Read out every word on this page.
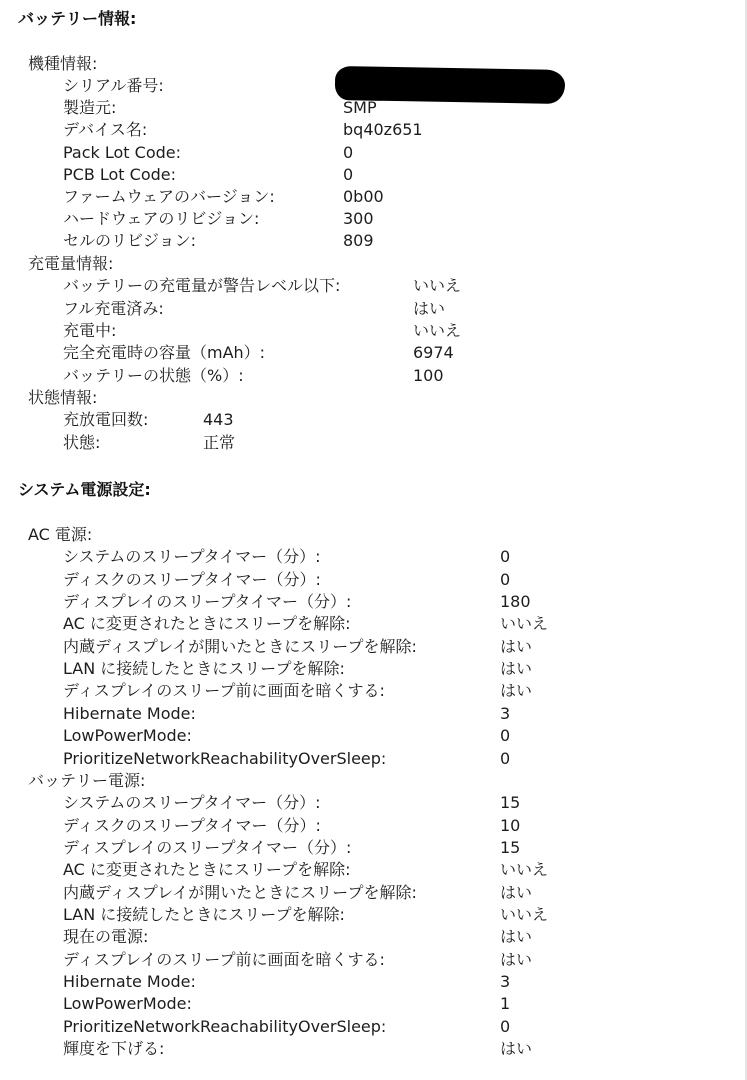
バッテリー情報:
機種情報:
シリアル番号:
製造元:	SMP
デバイス名:	bq40z651
Pack Lot Code:	0
PCB Lot Code:	0
ファームウェアのバージョン:	0b00
ハードウェアのリビジョン:	300
セルのリビジョン:	809
充電量情報:
バッテリーの充電量が警告レベル以下:	いいえ
フル充電済み:	はい
充電中:	いいえ
完全充電時の容量（mAh）:	6974
バッテリーの状態（%）:	100
状態情報:
充放電回数:	443
状態:	正常
システム電源設定:
AC 電源:
システムのスリープタイマー（分）:	0
ディスクのスリープタイマー（分）:	0
ディスプレイのスリープタイマー（分）:	180
AC に変更されたときにスリープを解除:	いいえ
内蔵ディスプレイが開いたときにスリープを解除:	はい
LAN に接続したときにスリープを解除:	はい
ディスプレイのスリープ前に画面を暗くする:	はい
Hibernate Mode:	3
LowPowerMode:	0
PrioritizeNetworkReachabilityOverSleep:	0
バッテリー電源:
システムのスリープタイマー（分）:	15
ディスクのスリープタイマー（分）:	10
ディスプレイのスリープタイマー（分）:	15
AC に変更されたときにスリープを解除:	いいえ
内蔵ディスプレイが開いたときにスリープを解除:	はい
LAN に接続したときにスリープを解除:	いいえ
現在の電源:	はい
ディスプレイのスリープ前に画面を暗くする:	はい
Hibernate Mode:	3
LowPowerMode:	1
PrioritizeNetworkReachabilityOverSleep:	0
輝度を下げる:	はい
